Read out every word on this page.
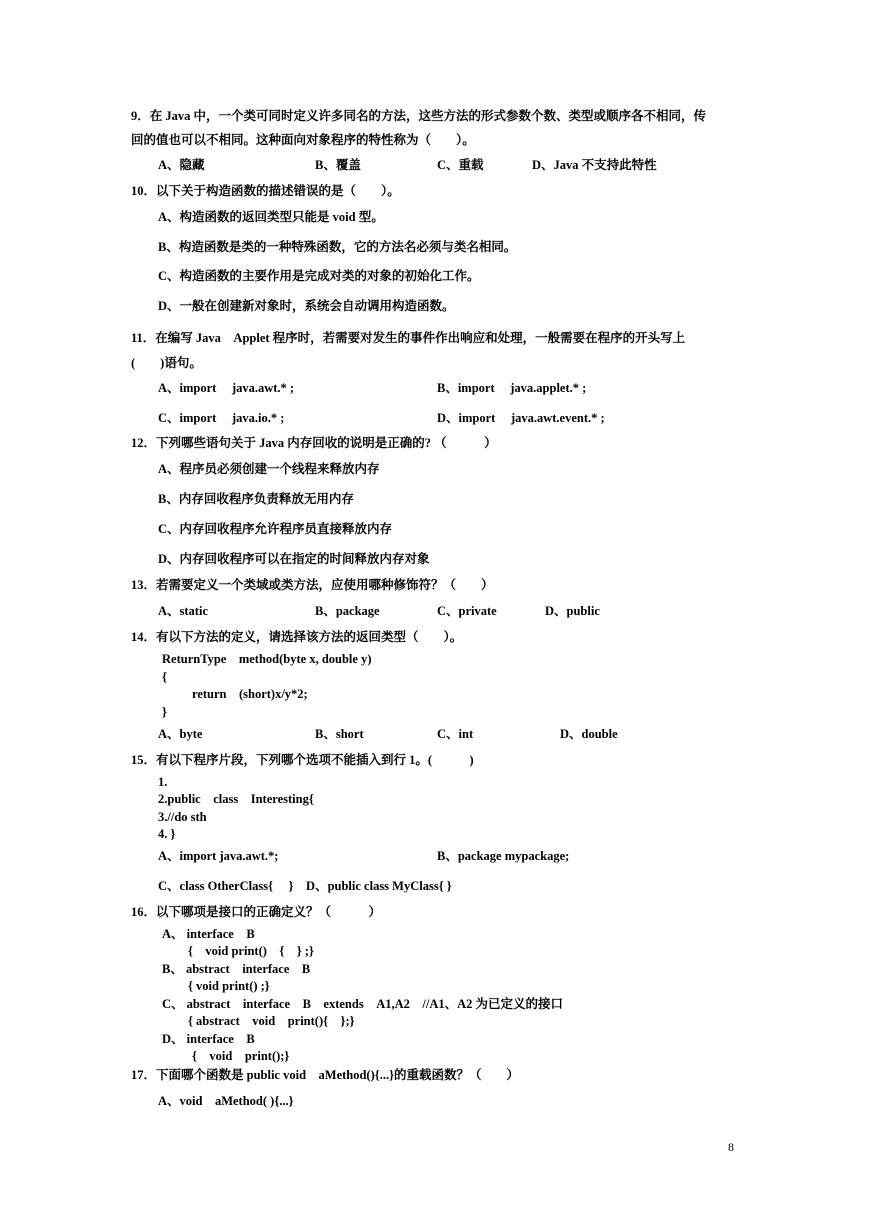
9．在 Java 中，一个类可同时定义许多同名的方法，这些方法的形式参数个数、类型或顺序各不相同，传
回的值也可以不相同。这种面向对象程序的特性称为（　　）。
A、隐藏	B、覆盖	C、重载	D、Java 不支持此特性
10．以下关于构造函数的描述错误的是（　　）。
A、构造函数的返回类型只能是 void 型。
B、构造函数是类的一种特殊函数，它的方法名必须与类名相同。
C、构造函数的主要作用是完成对类的对象的初始化工作。
D、一般在创建新对象时，系统会自动调用构造函数。
11．在编写 Java　Applet 程序时，若需要对发生的事件作出响应和处理，一般需要在程序的开头写上
(　　)语句。
A、import　 java.awt.* ;	B、import　 java.applet.* ;
C、import　 java.io.* ;	D、import　 java.awt.event.* ;
12．下列哪些语句关于 Java 内存回收的说明是正确的? （　　　）
A、程序员必须创建一个线程来释放内存
B、内存回收程序负责释放无用内存
C、内存回收程序允许程序员直接释放内存
D、内存回收程序可以在指定的时间释放内存对象
13．若需要定义一个类域或类方法，应使用哪种修饰符？（　　）
A、static	B、package	C、private	D、public
14．有以下方法的定义，请选择该方法的返回类型（　　）。
ReturnType　method(byte x, double y)
{
return　(short)x/y*2;
}
A、byte	B、short	C、int	D、double
15．有以下程序片段，下列哪个选项不能插入到行 1。(　　　)
1.
2.public　class　Interesting{
3.//do sth
4. }
A、import java.awt.*;	B、package mypackage;
C、class OtherClass{　 }　D、public class MyClass{ }
16．以下哪项是接口的正确定义？（　　　）
A、 interface　B
{　void print()　{　} ;}
B、 abstract　interface　B
{ void print() ;}
C、 abstract　interface　B　extends　A1,A2　//A1、A2 为已定义的接口
{ abstract　void　print(){　};}
D、 interface　B
{　void　print();}
17．下面哪个函数是 public void　aMethod(){...}的重载函数？（　　）
A、void　aMethod( ){...}
8
